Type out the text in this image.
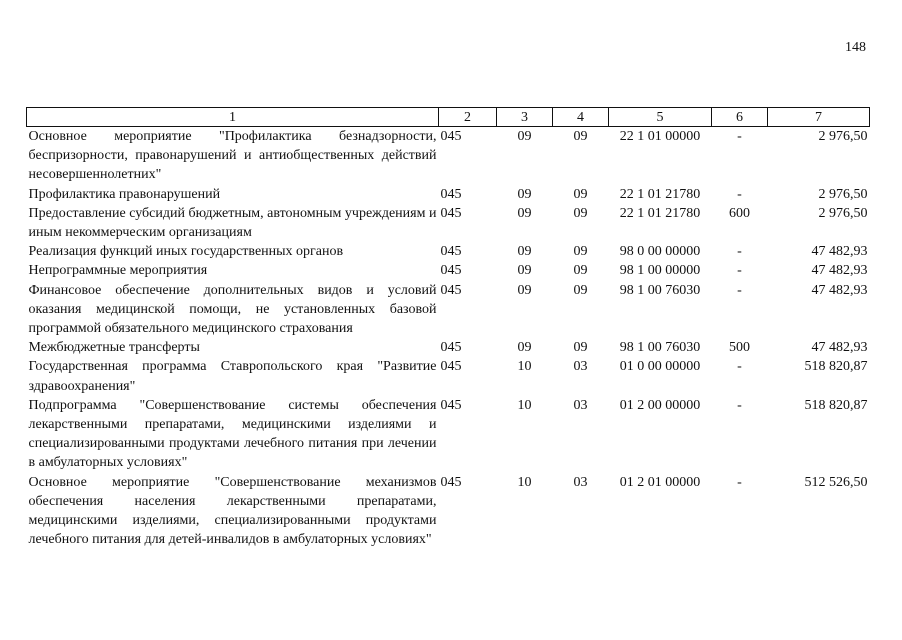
148
1	2	3	4	5	6	7
Основное мероприятие "Профилактика безнадзорности, беспризорности, правонарушений и антиобщественных действий несовершеннолетних"	045	09	09	22 1 01 00000	-	2 976,50
Профилактика правонарушений	045	09	09	22 1 01 21780	-	2 976,50
Предоставление субсидий бюджетным, автономным учреждениям и иным некоммерческим организациям	045	09	09	22 1 01 21780	600	2 976,50
Реализация функций иных государственных органов	045	09	09	98 0 00 00000	-	47 482,93
Непрограммные мероприятия	045	09	09	98 1 00 00000	-	47 482,93
Финансовое обеспечение дополнительных видов и условий оказания медицинской помощи, не установленных базовой программой обязательного медицинского страхования	045	09	09	98 1 00 76030	-	47 482,93
Межбюджетные трансферты	045	09	09	98 1 00 76030	500	47 482,93
Государственная программа Ставропольского края "Развитие здравоохранения"	045	10	03	01 0 00 00000	-	518 820,87
Подпрограмма "Совершенствование системы обеспечения лекарственными препаратами, медицинскими изделиями и специализированными продуктами лечебного питания при лечении в амбулаторных условиях"	045	10	03	01 2 00 00000	-	518 820,87
Основное мероприятие "Совершенствование механизмов обеспечения населения лекарственными препаратами, медицинскими изделиями, специализированными продуктами лечебного питания для детей-инвалидов в амбулаторных условиях"	045	10	03	01 2 01 00000	-	512 526,50
